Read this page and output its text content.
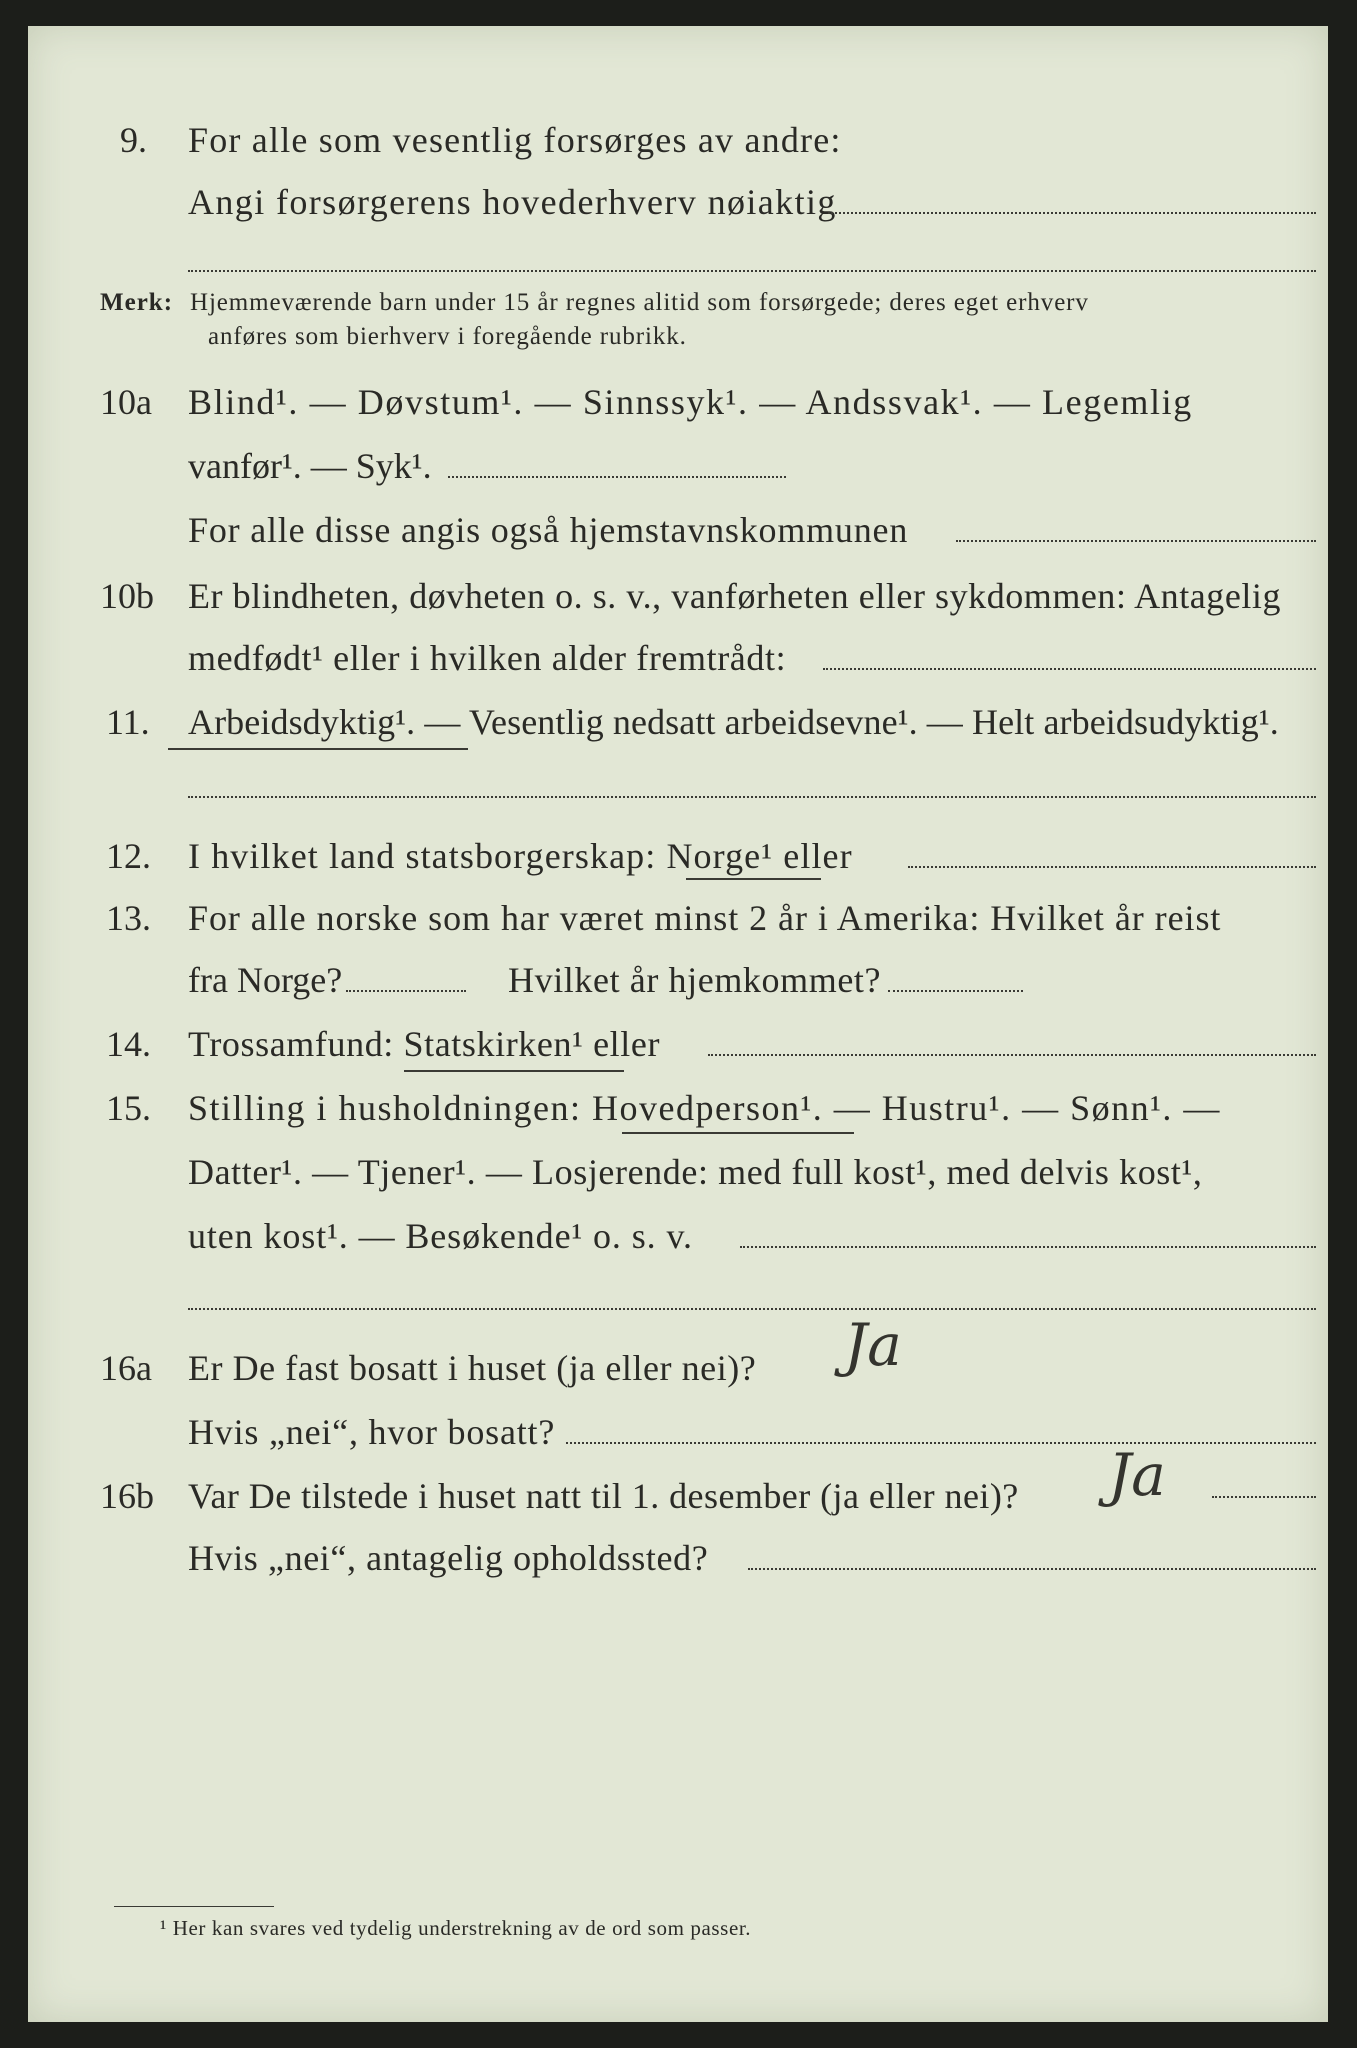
9. For alle som vesentlig forsørges av andre:
Angi forsørgerens hovederhverv nøiaktig
Merk: Hjemmeværende barn under 15 år regnes alitid som forsørgede; deres eget erhverv
anføres som bierhverv i foregående rubrikk.
10a Blind¹. — Døvstum¹. — Sinnssyk¹. — Andssvak¹. — Legemlig
vanfør¹. — Syk¹.
For alle disse angis også hjemstavnskommunen
10b Er blindheten, døvheten o. s. v., vanførheten eller sykdommen: Antagelig
medfødt¹ eller i hvilken alder fremtrådt:
11. Arbeidsdyktig¹. — Vesentlig nedsatt arbeidsevne¹. — Helt arbeidsudyktig¹.
12. I hvilket land statsborgerskap: Norge¹ eller
13. For alle norske som har været minst 2 år i Amerika: Hvilket år reist
fra Norge?	Hvilket år hjemkommet?
14. Trossamfund: Statskirken¹ eller
15. Stilling i husholdningen: Hovedperson¹. — Hustru¹. — Sønn¹. —
Datter¹. — Tjener¹. — Losjerende: med full kost¹, med delvis kost¹,
uten kost¹. — Besøkende¹ o. s. v.
16a Er De fast bosatt i huset (ja eller nei)? Ja
Hvis „nei“, hvor bosatt?
16b Var De tilstede i huset natt til 1. desember (ja eller nei)? Ja
Hvis „nei“, antagelig opholdssted?
¹ Her kan svares ved tydelig understrekning av de ord som passer.
